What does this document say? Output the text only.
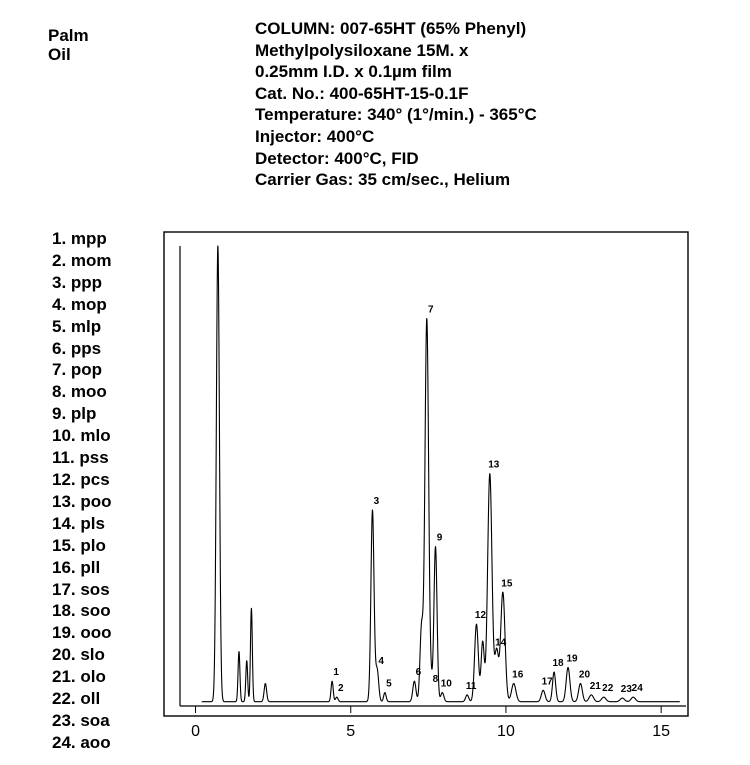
Palm
Oil
COLUMN: 007-65HT (65% Phenyl)
Methylpolysiloxane 15M. x
0.25mm I.D. x 0.1µm film
Cat. No.: 400-65HT-15-0.1F
Temperature: 340° (1°/min.) - 365°C
Injector: 400°C
Detector: 400°C, FID
Carrier Gas: 35 cm/sec., Helium
1. mpp
2. mom
3. ppp
4. mop
5. mlp
6. pps
7. pop
8. moo
9. plp
10. mlo
11. pss
12. pcs
13. poo
14. pls
15. plo
16. pll
17. sos
18. soo
19. ooo
20. slo
21. olo
22. oll
23. soa
24. aoo
0	5	10	15
1
2
3
4
5
6
7
8
9
10 11
12
13
14
15
16
17
18 19
20
21 22 23 24
